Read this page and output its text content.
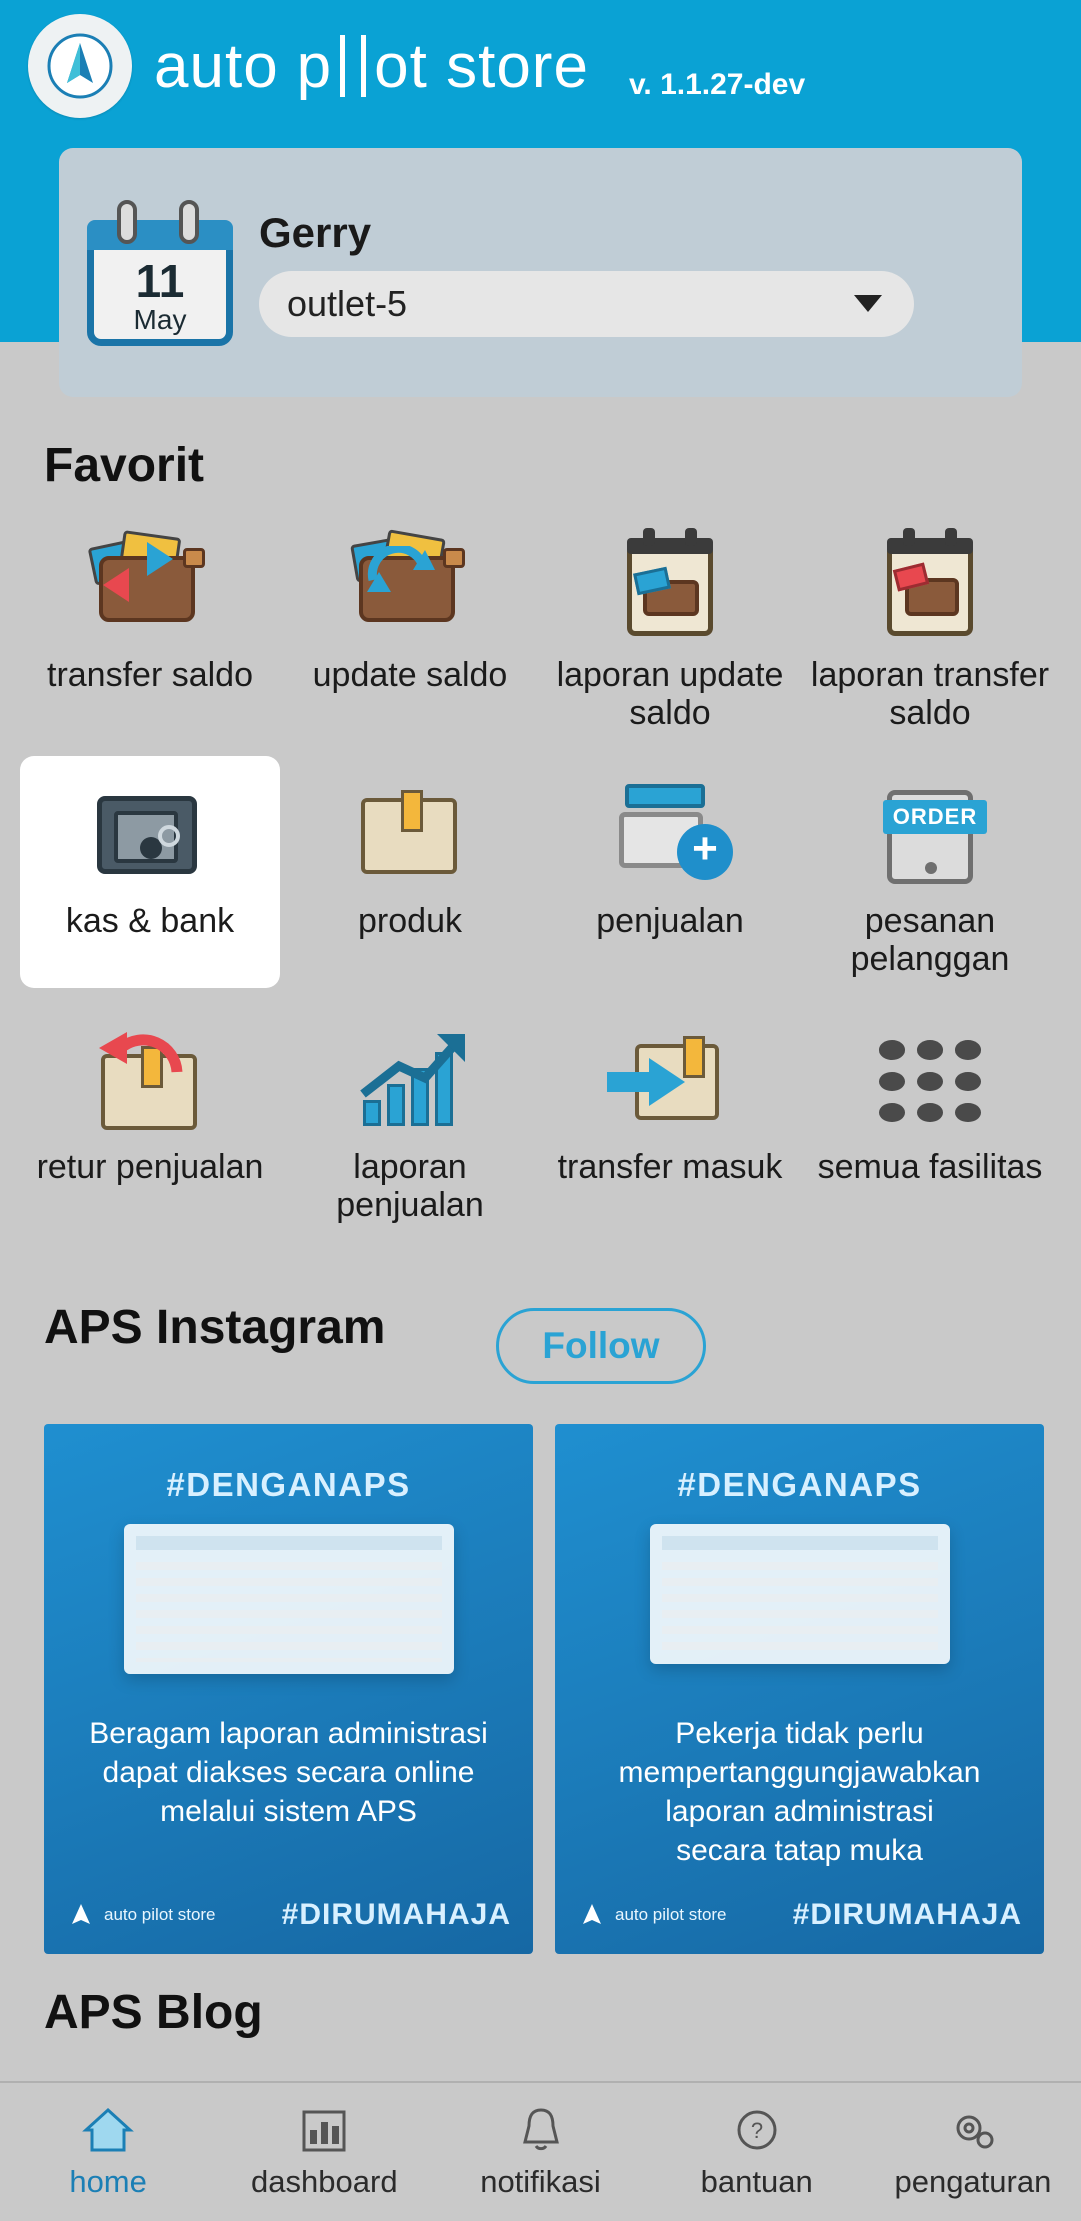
auto p ot store v. 1.1.27-dev
11
May
Gerry
outlet-5
Favorit
transfer saldo	update saldo	laporan update saldo
laporan transfer saldo
kas & bank	produk
+
penjualan
ORDER
pesanan pelanggan
retur penjualan	laporan penjualan
transfer masuk	semua fasilitas
APS Instagram	Follow
#DENGANAPS
Beragam laporan administrasi
dapat diakses secara online
melalui sistem APS
auto pilot store #DIRUMAHAJA
#DENGANAPS
Pekerja tidak perlu
mempertanggungjawabkan
laporan administrasi
secara tatap muka
auto pilot store #DIRUMAHAJA
APS Blog
home	dashboard	notifikasi
?
bantuan	pengaturan
